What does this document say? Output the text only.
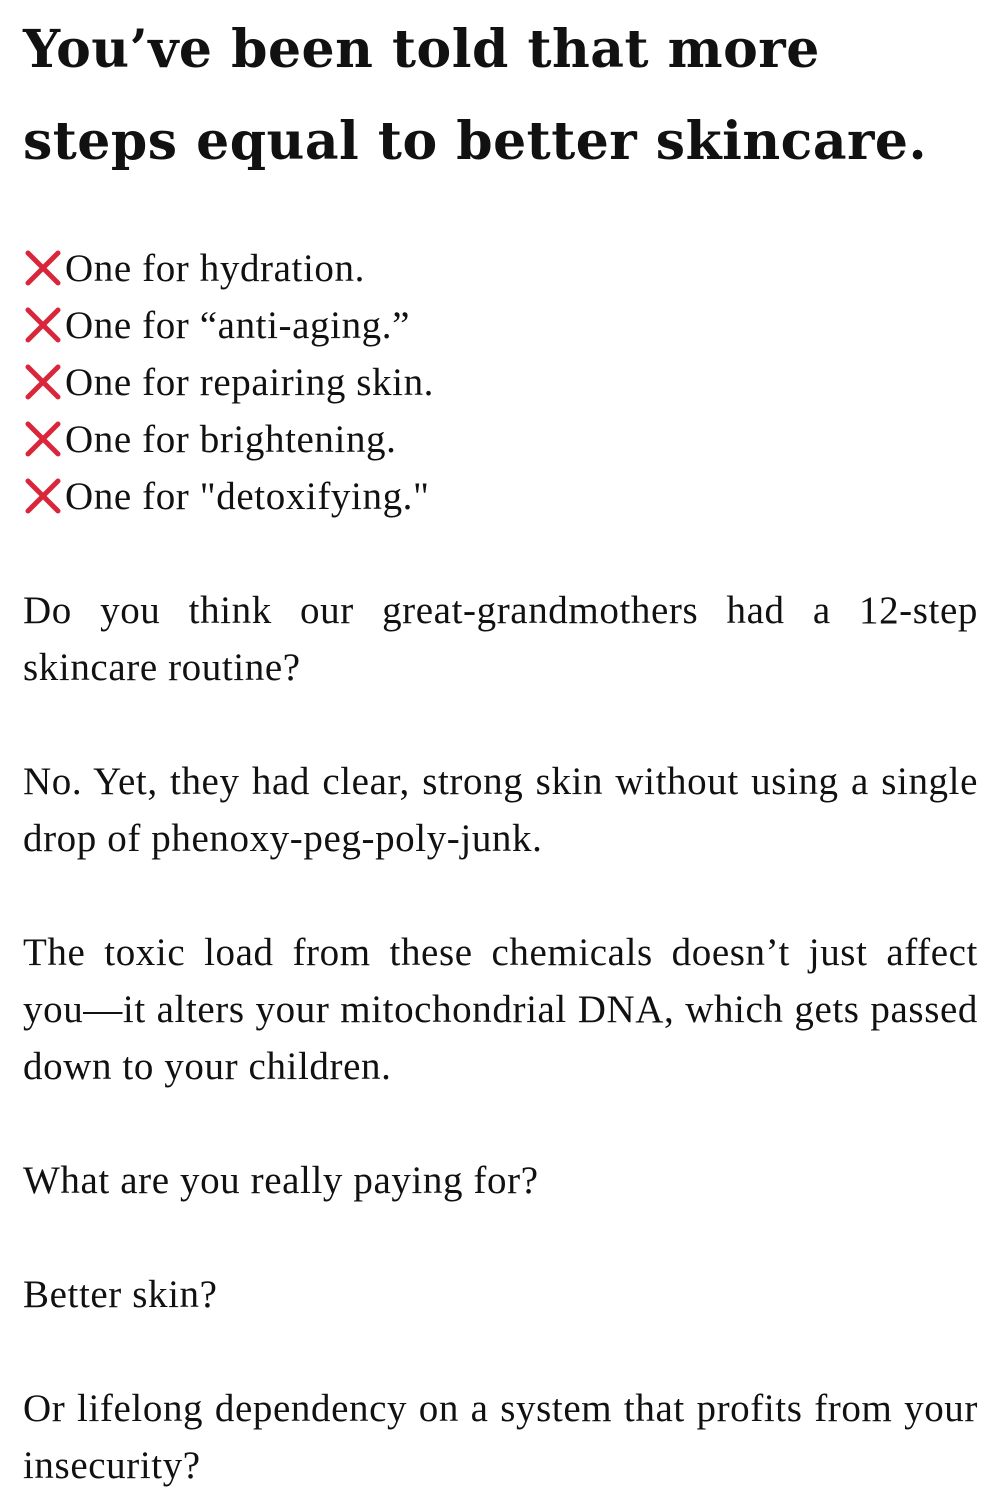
You’ve been told that more steps equal to better skincare.
One for hydration.
One for “anti-aging.”
One for repairing skin.
One for brightening.
One for "detoxifying."

Do you think our great-grandmothers had a 12-step skincare routine?

No. Yet, they had clear, strong skin without using a single drop of phenoxy-peg-poly-junk.

The toxic load from these chemicals doesn’t just affect you—it alters your mitochondrial DNA, which gets passed down to your children.

What are you really paying for?

Better skin?

Or lifelong dependency on a system that profits from your insecurity?
